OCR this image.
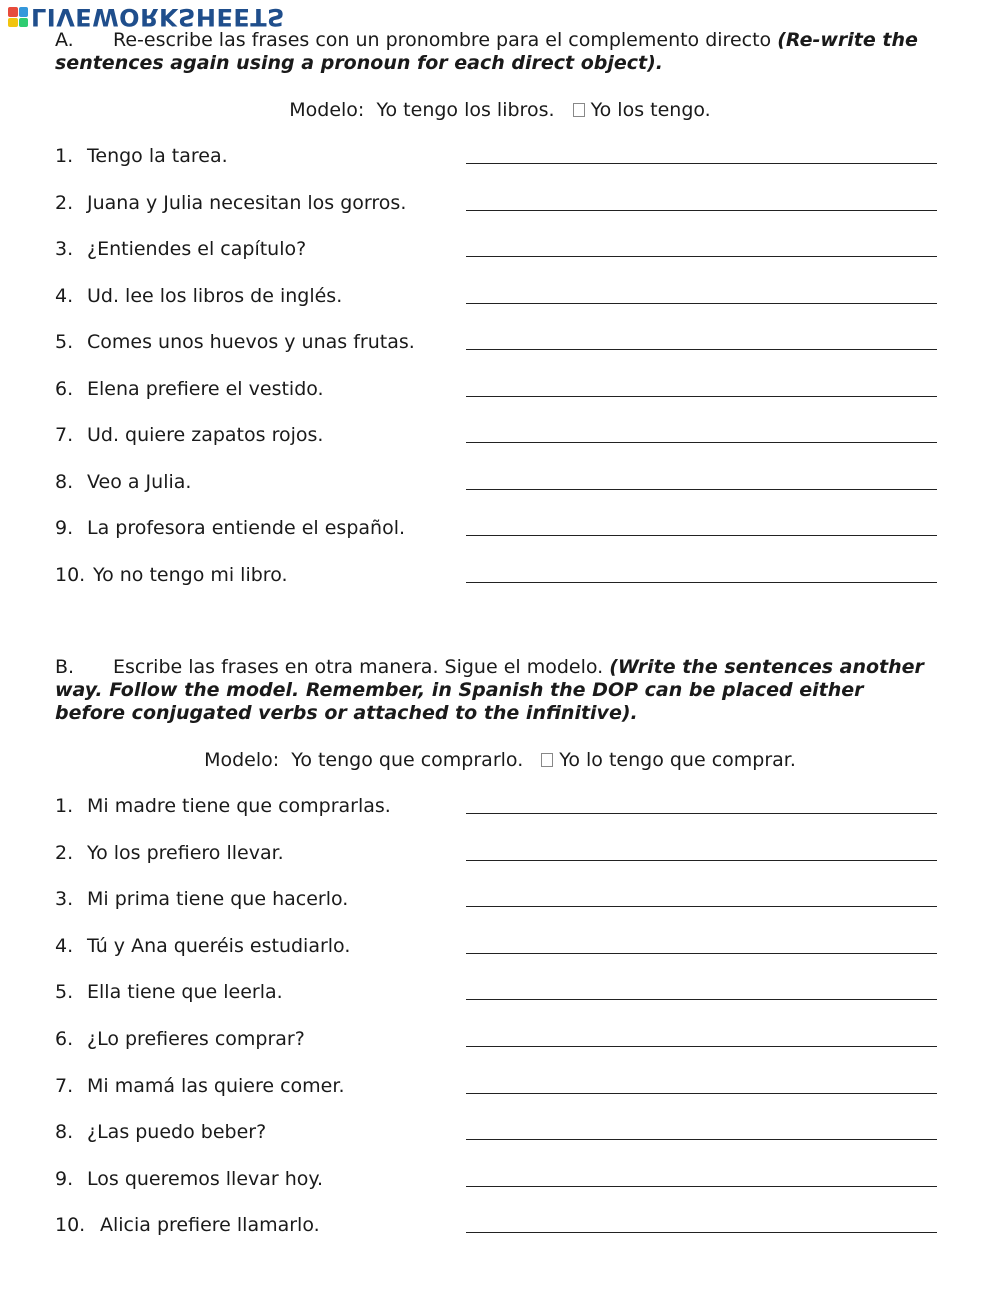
LIVEWORKSHEETS
A. Re-escribe las frases con un pronombre para el complemento directo (Re-write the sentences again using a pronoun for each direct object).
Modelo: Yo tengo los libros. Yo los tengo.
1. Tengo la tarea.
2. Juana y Julia necesitan los gorros.
3. ¿Entiendes el capítulo?
4. Ud. lee los libros de inglés.
5. Comes unos huevos y unas frutas.
6. Elena prefiere el vestido.
7. Ud. quiere zapatos rojos.
8. Veo a Julia.
9. La profesora entiende el español.
10. Yo no tengo mi libro.
B. Escribe las frases en otra manera. Sigue el modelo. (Write the sentences another way. Follow the model. Remember, in Spanish the DOP can be placed either before conjugated verbs or attached to the infinitive).
Modelo: Yo tengo que comprarlo. Yo lo tengo que comprar.
1. Mi madre tiene que comprarlas.
2. Yo los prefiero llevar.
3. Mi prima tiene que hacerlo.
4. Tú y Ana queréis estudiarlo.
5. Ella tiene que leerla.
6. ¿Lo prefieres comprar?
7. Mi mamá las quiere comer.
8. ¿Las puedo beber?
9. Los queremos llevar hoy.
10. Alicia prefiere llamarlo.
